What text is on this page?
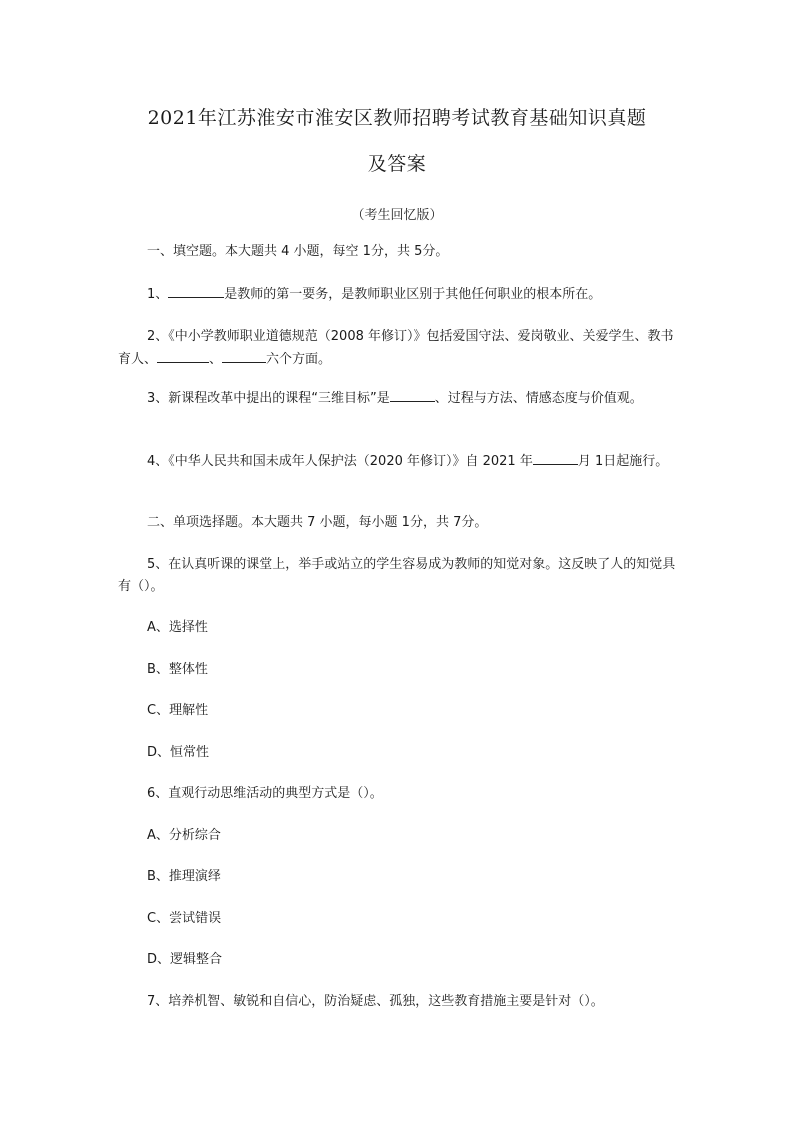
2021年江苏淮安市淮安区教师招聘考试教育基础知识真题
及答案
（考生回忆版）
一、填空题。本大题共 4 小题，每空 1分，共 5分。
1、	是教师的第一要务，是教师职业区别于其他任何职业的根本所在。

2、《中小学教师职业道德规范（2008 年修订）》包括爱国守法、爱岗敬业、关爱学生、教书育人、	、	六个方面。

3、新课程改革中提出的课程“三维目标”是	、过程与方法、情感态度与价值观。

4、《中华人民共和国未成年人保护法（2020 年修订）》自 2021 年	月 1日起施行。

二、单项选择题。本大题共 7 小题，每小题 1分，共 7分。

5、在认真听课的课堂上，举手或站立的学生容易成为教师的知觉对象。这反映了人的知觉具有（）。

A、选择性
B、整体性
C、理解性
D、恒常性
6、直观行动思维活动的典型方式是（）。
A、分析综合
B、推理演绎
C、尝试错误
D、逻辑整合
7、培养机智、敏锐和自信心，防治疑虑、孤独，这些教育措施主要是针对（）。
